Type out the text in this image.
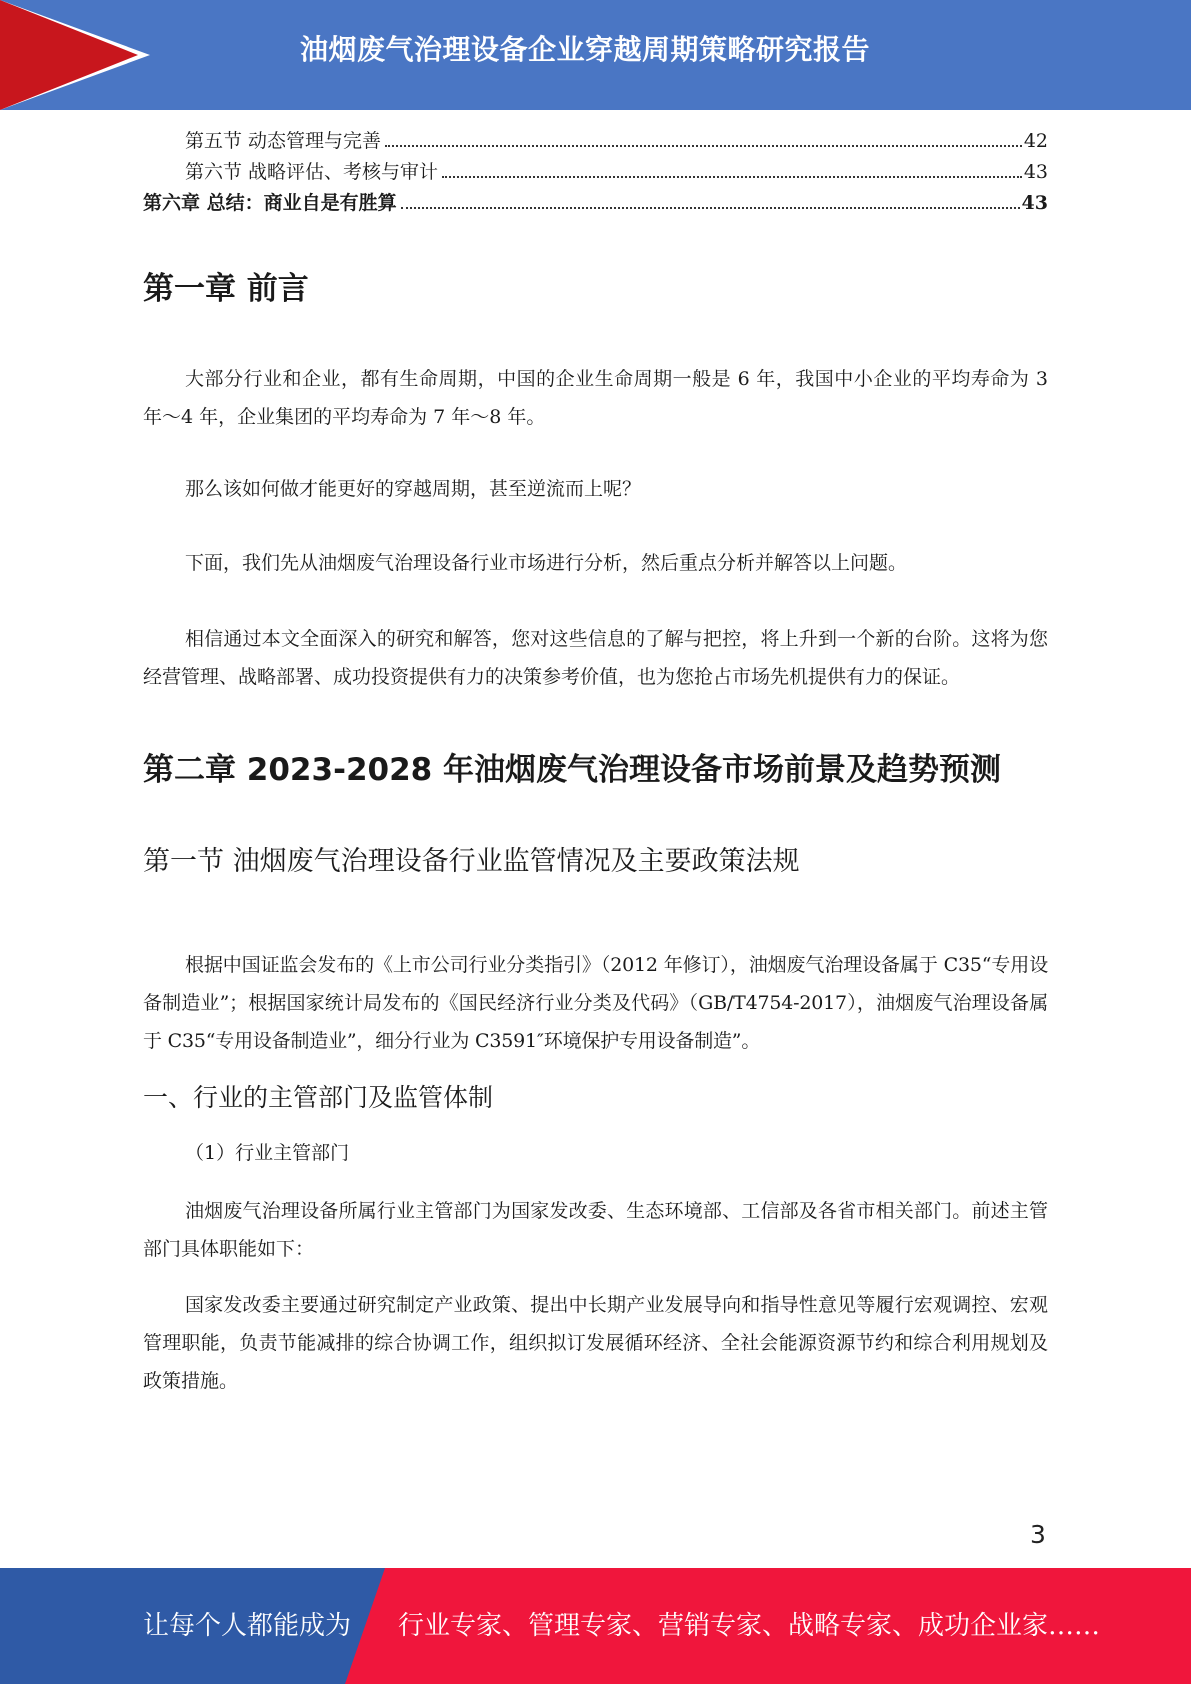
油烟废气治理设备企业穿越周期策略研究报告
第五节 动态管理与完善	42
第六节 战略评估、考核与审计	43
第六章 总结：商业自是有胜算	43
第一章 前言

大部分行业和企业，都有生命周期，中国的企业生命周期一般是 6 年，我国中小企业的平均寿命为 3 年～4 年，企业集团的平均寿命为 7 年～8 年。

那么该如何做才能更好的穿越周期，甚至逆流而上呢？

下面，我们先从油烟废气治理设备行业市场进行分析，然后重点分析并解答以上问题。

相信通过本文全面深入的研究和解答，您对这些信息的了解与把控，将上升到一个新的台阶。这将为您经营管理、战略部署、成功投资提供有力的决策参考价值，也为您抢占市场先机提供有力的保证。

第二章 2023-2028 年油烟废气治理设备市场前景及趋势预测
第一节 油烟废气治理设备行业监管情况及主要政策法规

根据中国证监会发布的《上市公司行业分类指引》（2012 年修订），油烟废气治理设备属于 C35“专用设备制造业”；根据国家统计局发布的《国民经济行业分类及代码》（GB/T4754-2017），油烟废气治理设备属于 C35“专用设备制造业”，细分行业为 C3591″环境保护专用设备制造”。

一、行业的主管部门及监管体制

（1）行业主管部门

油烟废气治理设备所属行业主管部门为国家发改委、生态环境部、工信部及各省市相关部门。前述主管部门具体职能如下：

国家发改委主要通过研究制定产业政策、提出中长期产业发展导向和指导性意见等履行宏观调控、宏观管理职能，负责节能减排的综合协调工作，组织拟订发展循环经济、全社会能源资源节约和综合利用规划及政策措施。

3
让每个人都能成为 行业专家、管理专家、营销专家、战略专家、成功企业家……
